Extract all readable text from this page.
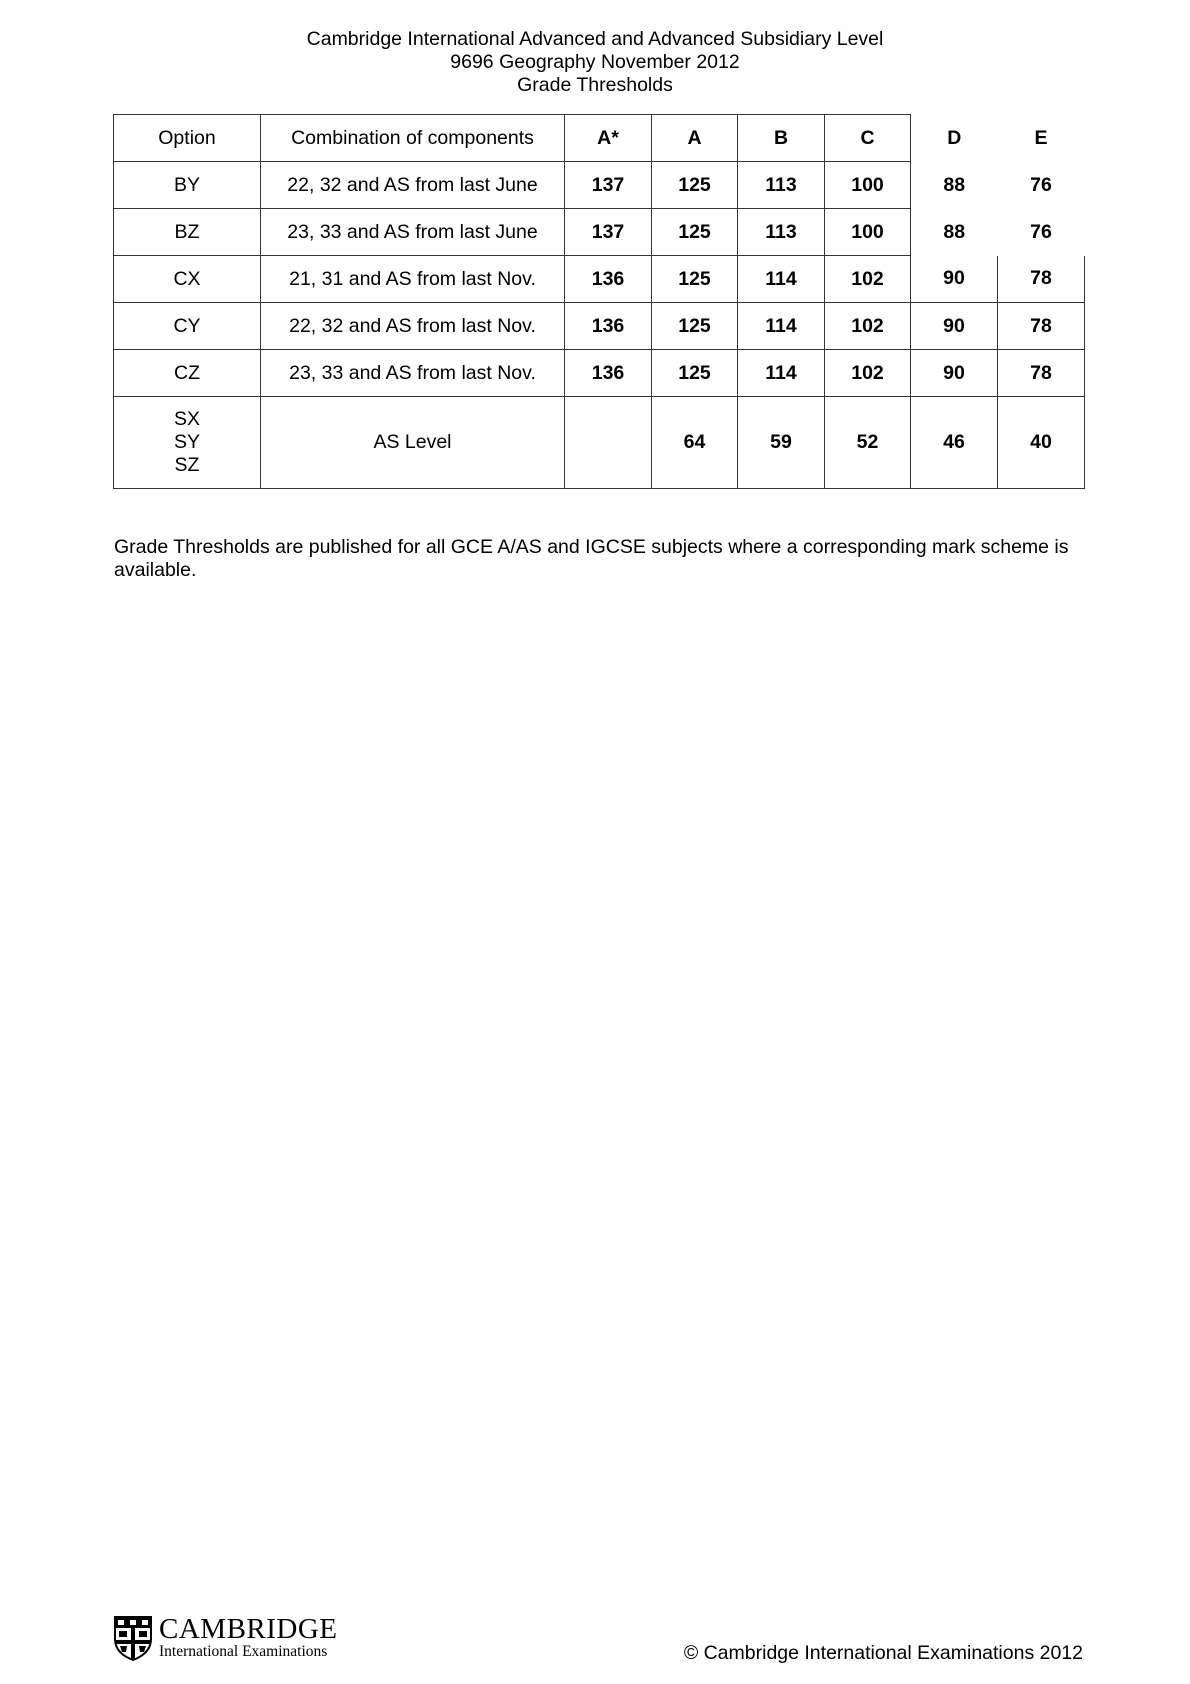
Cambridge International Advanced and Advanced Subsidiary Level
9696 Geography November 2012
Grade Thresholds
Option	Combination of components	A*	A	B	C	D	E
BY	22, 32 and AS from last June	137	125	113	100	88	76
BZ	23, 33 and AS from last June	137	125	113	100	88	76
CX	21, 31 and AS from last Nov.	136	125	114	102	90	78
CY	22, 32 and AS from last Nov.	136	125	114	102	90	78
CZ	23, 33 and AS from last Nov.	136	125	114	102	90	78

SX
SY
SZ	AS Level		64	59	52	46	40
Grade Thresholds are published for all GCE A/AS and IGCSE subjects where a corresponding mark scheme is available.
CAMBRIDGE
International Examinations	© Cambridge International Examinations 2012
